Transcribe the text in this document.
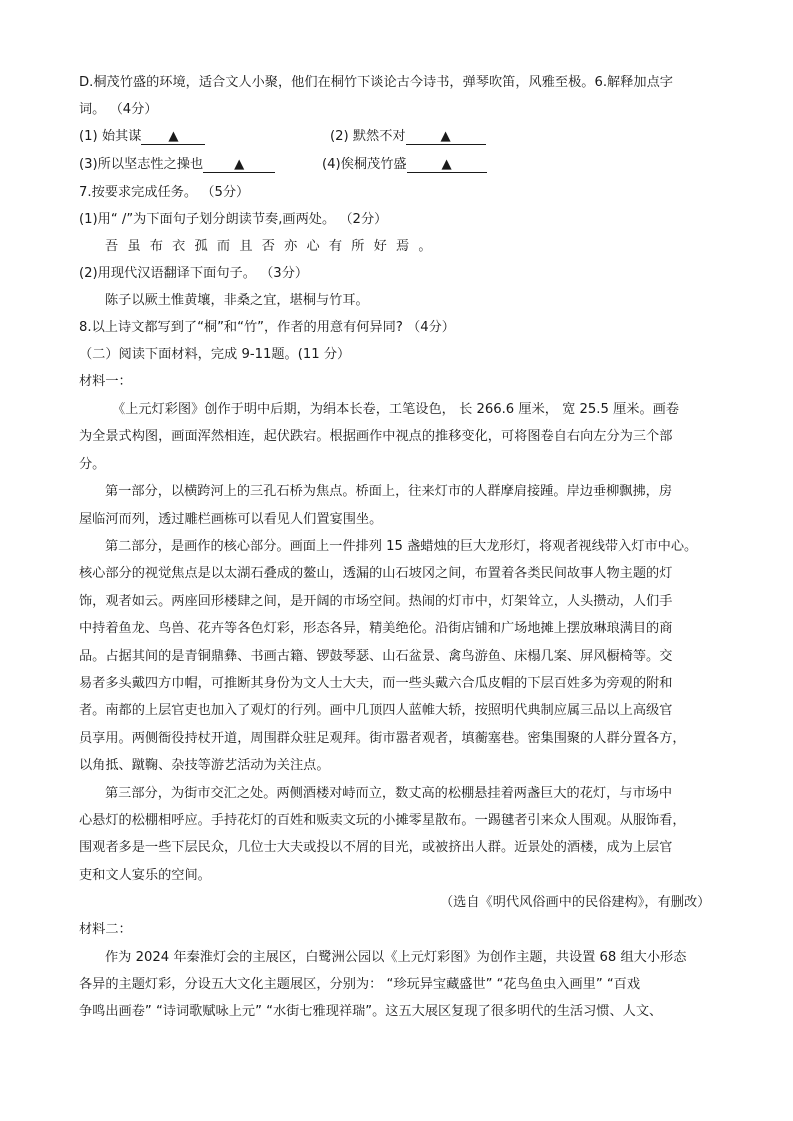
D.桐茂竹盛的环境，适合文人小聚，他们在桐竹下谈论古今诗书，弹琴吹笛，风雅至极。6.解释加点字
词。 （4分）
(1) 始其谋 ▲	(2) 默然不对	▲
(3)所以坚志性之操也 ▲	(4)俟桐茂竹盛	▲
7.按要求完成任务。 （5分）
(1)用“ /”为下面句子划分朗读节奏,画两处。 （2分）
吾虽布衣孤而且否亦心有所好焉。
(2)用现代汉语翻译下面句子。 （3分）
陈子以厥土惟黄壤，非桑之宜，堪桐与竹耳。
8.以上诗文都写到了“桐”和“竹”，作者的用意有何异同? （4分）
（二）阅读下面材料，完成 9-11题。(11 分）
材料一：
《上元灯彩图》创作于明中后期，为绢本长卷，工笔设色， 长 266.6 厘米， 宽 25.5 厘米。画卷
为全景式构图，画面浑然相连，起伏跌宕。根据画作中视点的推移变化，可将图卷自右向左分为三个部
分。
第一部分，以横跨河上的三孔石桥为焦点。桥面上，往来灯市的人群摩肩接踵。岸边垂柳飘拂，房
屋临河而列，透过雕栏画栋可以看见人们置宴围坐。
第二部分，是画作的核心部分。画面上一件排列 15 盏蜡烛的巨大龙形灯，将观者视线带入灯市中心。
核心部分的视觉焦点是以太湖石叠成的鳌山，透漏的山石坡冈之间，布置着各类民间故事人物主题的灯
饰，观者如云。两座回形楼肆之间，是开阔的市场空间。热闹的灯市中，灯架耸立，人头攒动，人们手
中持着鱼龙、鸟兽、花卉等各色灯彩，形态各异，精美绝伦。沿街店铺和广场地摊上摆放琳琅满目的商
品。占据其间的是青铜鼎彝、书画古籍、锣鼓琴瑟、山石盆景、禽鸟游鱼、床榻几案、屏风橱椅等。交
易者多头戴四方巾帽，可推断其身份为文人士大夫，而一些头戴六合瓜皮帽的下层百姓多为旁观的附和
者。南都的上层官吏也加入了观灯的行列。画中几顶四人蓝帷大轿，按照明代典制应属三品以上高级官
员享用。两侧衙役持杖开道，周围群众驻足观拜。街市嚣者观者，填蘅塞巷。密集围聚的人群分置各方，
以角抵、蹴鞠、杂技等游艺活动为关注点。
第三部分，为街市交汇之处。两侧酒楼对峙而立，数丈高的松棚悬挂着两盏巨大的花灯，与市场中
心悬灯的松棚相呼应。手持花灯的百姓和贩卖文玩的小摊零星散布。一踢毽者引来众人围观。从服饰看，
围观者多是一些下层民众，几位士大夫或投以不屑的目光，或被挤出人群。近景处的酒楼，成为上层官
吏和文人宴乐的空间。
（选自《明代风俗画中的民俗建构》，有删改）
材料二：
作为 2024 年秦淮灯会的主展区，白鹭洲公园以《上元灯彩图》为创作主题，共设置 68 组大小形态
各异的主题灯彩，分设五大文化主题展区，分别为： “珍玩异宝藏盛世” “花鸟鱼虫入画里” “百戏
争鸣出画卷” “诗词歌赋咏上元” “水街七雅现祥瑞”。这五大展区复现了很多明代的生活习惯、人文、
